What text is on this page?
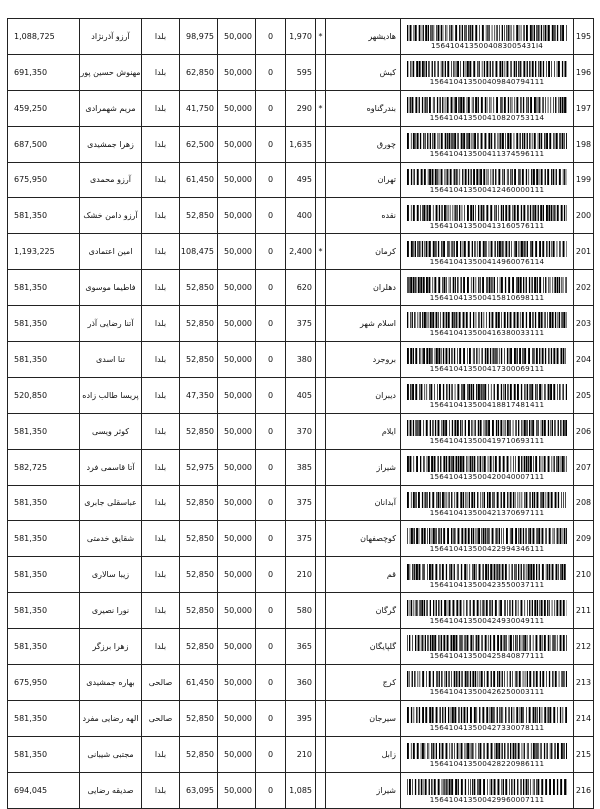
1,088,725	آرزو آذرنژاد	بلدا	98,975	50,000	0	1,970	*	هادیشهر	1564104135004083005431I4	195
691,350	مهنوش حسین پور	بلدا	62,850	50,000	0	595		کیش	156410413500409840794111	196
459,250	مریم شهمرادی	بلدا	41,750	50,000	0	290	*	بندرگناوه	156410413500410820753114	197
687,500	زهرا جمشیدی	بلدا	62,500	50,000	0	1,635		چورق	156410413500411374596111	198
675,950	آرزو محمدی	بلدا	61,450	50,000	0	495		تهران	156410413500412460000111	199
581,350	آرزو دامن خشک	بلدا	52,850	50,000	0	400		نقده	156410413500413160576111	200
1,193,225	امین اعتمادی	بلدا	108,475	50,000	0	2,400	*	کرمان	156410413500414960076114	201
581,350	فاطیما موسوی	بلدا	52,850	50,000	0	620		دهلران	156410413500415810698111	202
581,350	آتنا رضایی آذر	بلدا	52,850	50,000	0	375		اسلام شهر	156410413500416380033111	203
581,350	تنا اسدی	بلدا	52,850	50,000	0	380		بروجرد	156410413500417300069111	204
520,850	پریسا طالب زاده	بلدا	47,350	50,000	0	405		دیبران	156410413500418817481411	205
581,350	کوثر ویسی	بلدا	52,850	50,000	0	370		ایلام	156410413500419710693111	206
582,725	آتا قاسمی فرد	بلدا	52,975	50,000	0	385		شیراز	156410413500420040007111	207
581,350	عباسقلی جابری	بلدا	52,850	50,000	0	375		آبدانان	156410413500421370697111	208
581,350	شقایق خدمتی	بلدا	52,850	50,000	0	375		کوچصفهان	156410413500422994346111	209
581,350	زیبا سالاری	بلدا	52,850	50,000	0	210		قم	156410413500423550037111	210
581,350	نورا نصیری	بلدا	52,850	50,000	0	580		گرگان	156410413500424930049111	211
581,350	زهرا برزگر	بلدا	52,850	50,000	0	365		گلپایگان	156410413500425840877111	212
675,950	بهاره جمشیدی	صالحی	61,450	50,000	0	360		کرج	156410413500426250003111	213
581,350	الهه رضایی مفرد	صالحی	52,850	50,000	0	395		سیرجان	156410413500427330078111	214
581,350	مجتبی شیبانی	بلدا	52,850	50,000	0	210		زابل	156410413500428220986111	215
694,045	صدیقه رضایی	بلدا	63,095	50,000	0	1,085		شیراز	156410413500429960007111	216
